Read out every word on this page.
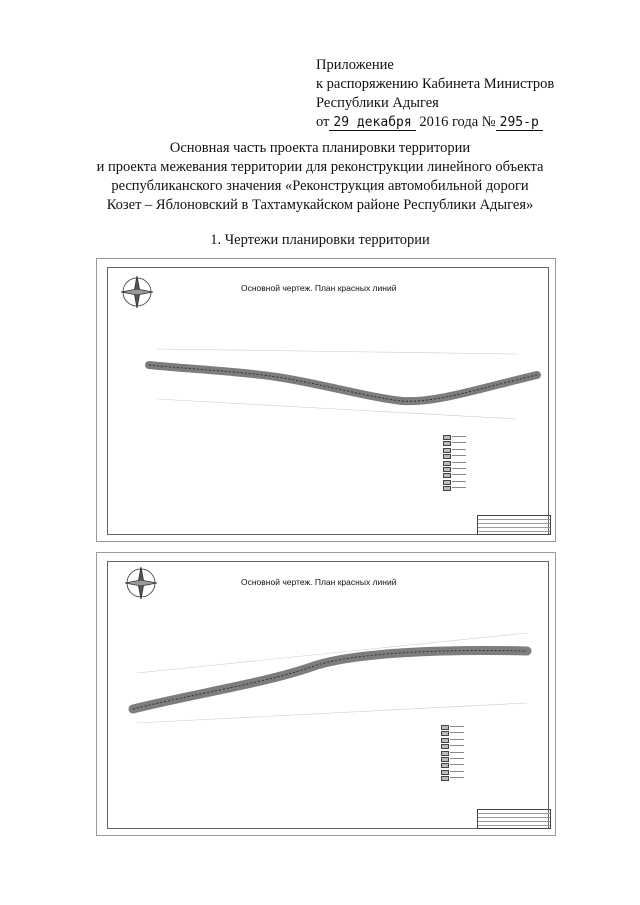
Приложение
к распоряжению Кабинета Министров
Республики Адыгея
от 29 декабря 2016 года № 295-р
Основная часть проекта планировки территории
и проекта межевания территории для реконструкции линейного объекта
республиканского значения «Реконструкция автомобильной дороги
Козет – Яблоновский в Тахтамукайском районе Республики Адыгея»
1. Чертежи планировки территории
Основной чертеж. План красных линий
Основной чертеж. План красных линий
